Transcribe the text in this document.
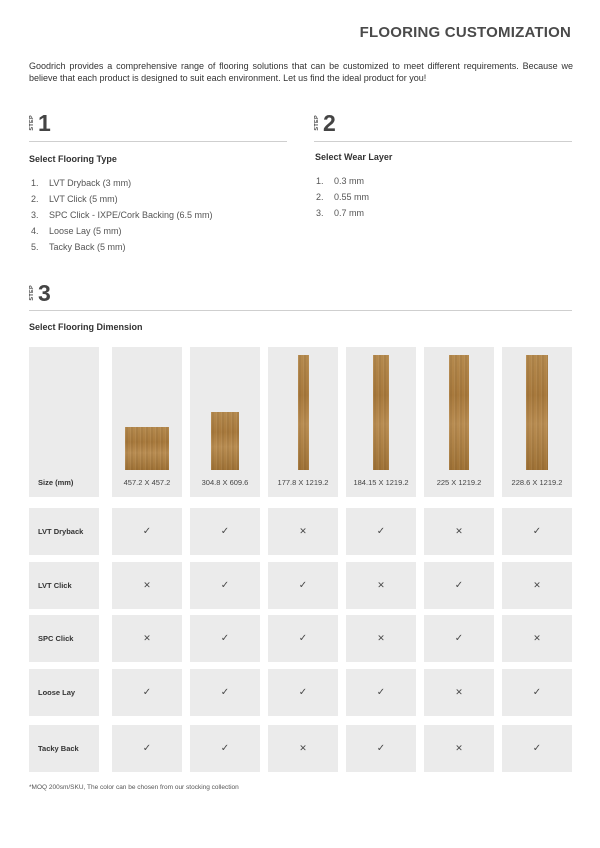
FLOORING CUSTOMIZATION
Goodrich provides a comprehensive range of flooring solutions that can be customized to meet different requirements. Because we believe that each product is designed to suit each environment. Let us find the ideal product for you!
STEP 1
Select Flooring Type
1.	LVT Dryback (3 mm)
2.	LVT Click (5 mm)
3.	SPC Click - IXPE/Cork Backing (6.5 mm)
4.	Loose Lay (5 mm)
5.	Tacky Back (5 mm)
STEP 2
Select Wear Layer
1.	0.3 mm
2.	0.55 mm
3.	0.7 mm
STEP 3
Select Flooring Dimension
Size (mm)	457.2 X 457.2	304.8 X 609.6	177.8 X 1219.2	184.15 X 1219.2	225 X 1219.2	228.6 X 1219.2
LVT Dryback	✓	✓	✕	✓	✕	✓
LVT Click	✕	✓	✓	✕	✓	✕
SPC Click	✕	✓	✓	✕	✓	✕
Loose Lay	✓	✓	✓	✓	✕	✓
Tacky Back	✓	✓	✕	✓	✕	✓
*MOQ 200sm/SKU, The color can be chosen from our stocking collection
